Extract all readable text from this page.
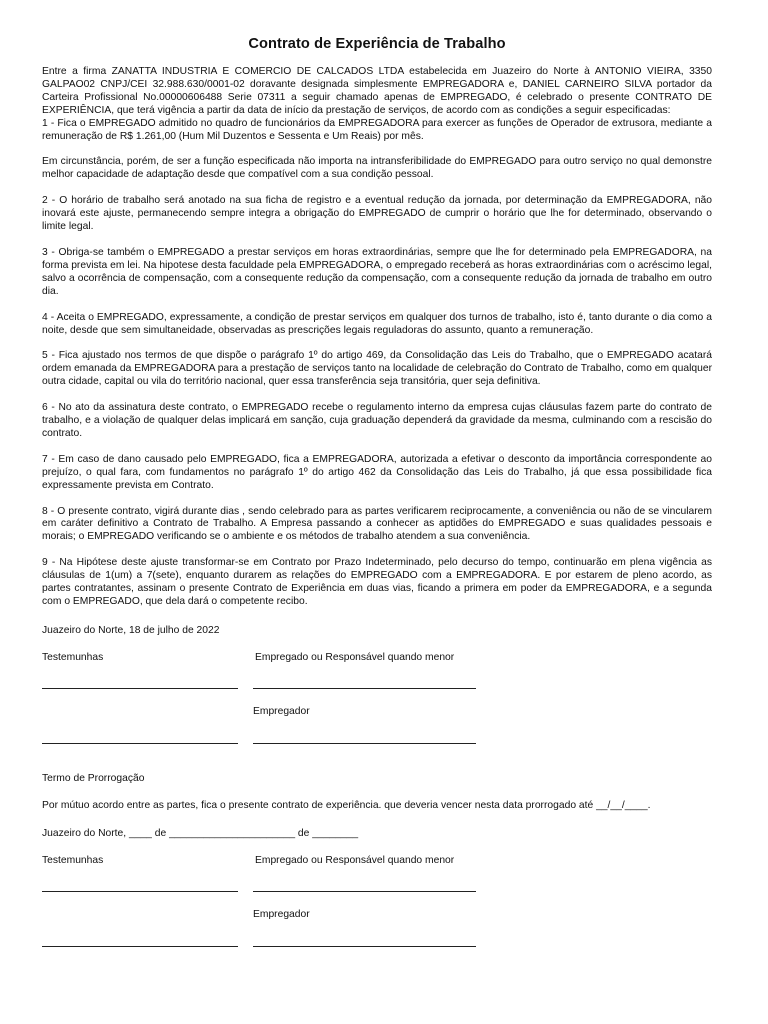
Contrato de Experiência de Trabalho

Entre a firma ZANATTA INDUSTRIA E COMERCIO DE CALCADOS LTDA estabelecida em Juazeiro do Norte à ANTONIO VIEIRA, 3350 GALPAO02 CNPJ/CEI 32.988.630/0001-02 doravante designada simplesmente EMPREGADORA e, DANIEL CARNEIRO SILVA portador da Carteira Profissional No.00000606488 Serie 07311 a seguir chamado apenas de EMPREGADO, é celebrado o presente CONTRATO DE EXPERIÊNCIA, que terá vigência a partir da data de início da prestação de serviços, de acordo com as condições a seguir especificadas:

1 - Fica o EMPREGADO admitido no quadro de funcionários da EMPREGADORA para exercer as funções de Operador de extrusora, mediante a remuneração de R$ 1.261,00 (Hum Mil Duzentos e Sessenta e Um Reais) por mês.

Em circunstância, porém, de ser a função especificada não importa na intransferibilidade do EMPREGADO para outro serviço no qual demonstre melhor capacidade de adaptação desde que compatível com a sua condição pessoal.

2 - O horário de trabalho será anotado na sua ficha de registro e a eventual redução da jornada, por determinação da EMPREGADORA, não inovará este ajuste, permanecendo sempre integra a obrigação do EMPREGADO de cumprir o horário que lhe for determinado, observando o limite legal.

3 - Obriga-se também o EMPREGADO a prestar serviços em horas extraordinárias, sempre que lhe for determinado pela EMPREGADORA, na forma prevista em lei. Na hipotese desta faculdade pela EMPREGADORA, o empregado receberá as horas extraordinárias com o acréscimo legal, salvo a ocorrência de compensação, com a consequente redução da compensação, com a consequente redução da jornada de trabalho em outro dia.

4 - Aceita o EMPREGADO, expressamente, a condição de prestar serviços em qualquer dos turnos de trabalho, isto é, tanto durante o dia como a noite, desde que sem simultaneidade, observadas as prescrições legais reguladoras do assunto, quanto a remuneração.

5 - Fica ajustado nos termos de que dispõe o parágrafo 1º do artigo 469, da Consolidação das Leis do Trabalho, que o EMPREGADO acatará ordem emanada da EMPREGADORA para a prestação de serviços tanto na localidade de celebração do Contrato de Trabalho, como em qualquer outra cidade, capital ou vila do território nacional, quer essa transferência seja transitória, quer seja definitiva.

6 - No ato da assinatura deste contrato, o EMPREGADO recebe o regulamento interno da empresa cujas cláusulas fazem parte do contrato de trabalho, e a violação de qualquer delas implicará em sanção, cuja graduação dependerá da gravidade da mesma, culminando com a rescisão do contrato.

7 - Em caso de dano causado pelo EMPREGADO, fica a EMPREGADORA, autorizada a efetivar o desconto da importância correspondente ao prejuízo, o qual fara, com fundamentos no parágrafo 1º do artigo 462 da Consolidação das Leis do Trabalho, já que essa possibilidade fica expressamente prevista em Contrato.

8 - O presente contrato, vigirá durante dias , sendo celebrado para as partes verificarem reciprocamente, a conveniência ou não de se vincularem em caráter definitivo a Contrato de Trabalho. A Empresa passando a conhecer as aptidões do EMPREGADO e suas qualidades pessoais e morais; o EMPREGADO verificando se o ambiente e os métodos de trabalho atendem a sua conveniência.

9 - Na Hipótese deste ajuste transformar-se em Contrato por Prazo Indeterminado, pelo decurso do tempo, continuarão em plena vigência as cláusulas de 1(um) a 7(sete), enquanto durarem as relações do EMPREGADO com a EMPREGADORA. E por estarem de pleno acordo, as partes contratantes, assinam o presente Contrato de Experiência em duas vias, ficando a primera em poder da EMPREGADORA, e a segunda com o EMPREGADO, que dela dará o competente recibo.

Juazeiro do Norte, 18 de julho de 2022
Testemunhas	Empregado ou Responsável quando menor
Empregador
Termo de Prorrogação
Por mútuo acordo entre as partes, fica o presente contrato de experiência. que deveria vencer nesta data prorrogado até __/__/____.
Juazeiro do Norte, ____ de ______________________ de ________
Testemunhas	Empregado ou Responsável quando menor
Empregador
